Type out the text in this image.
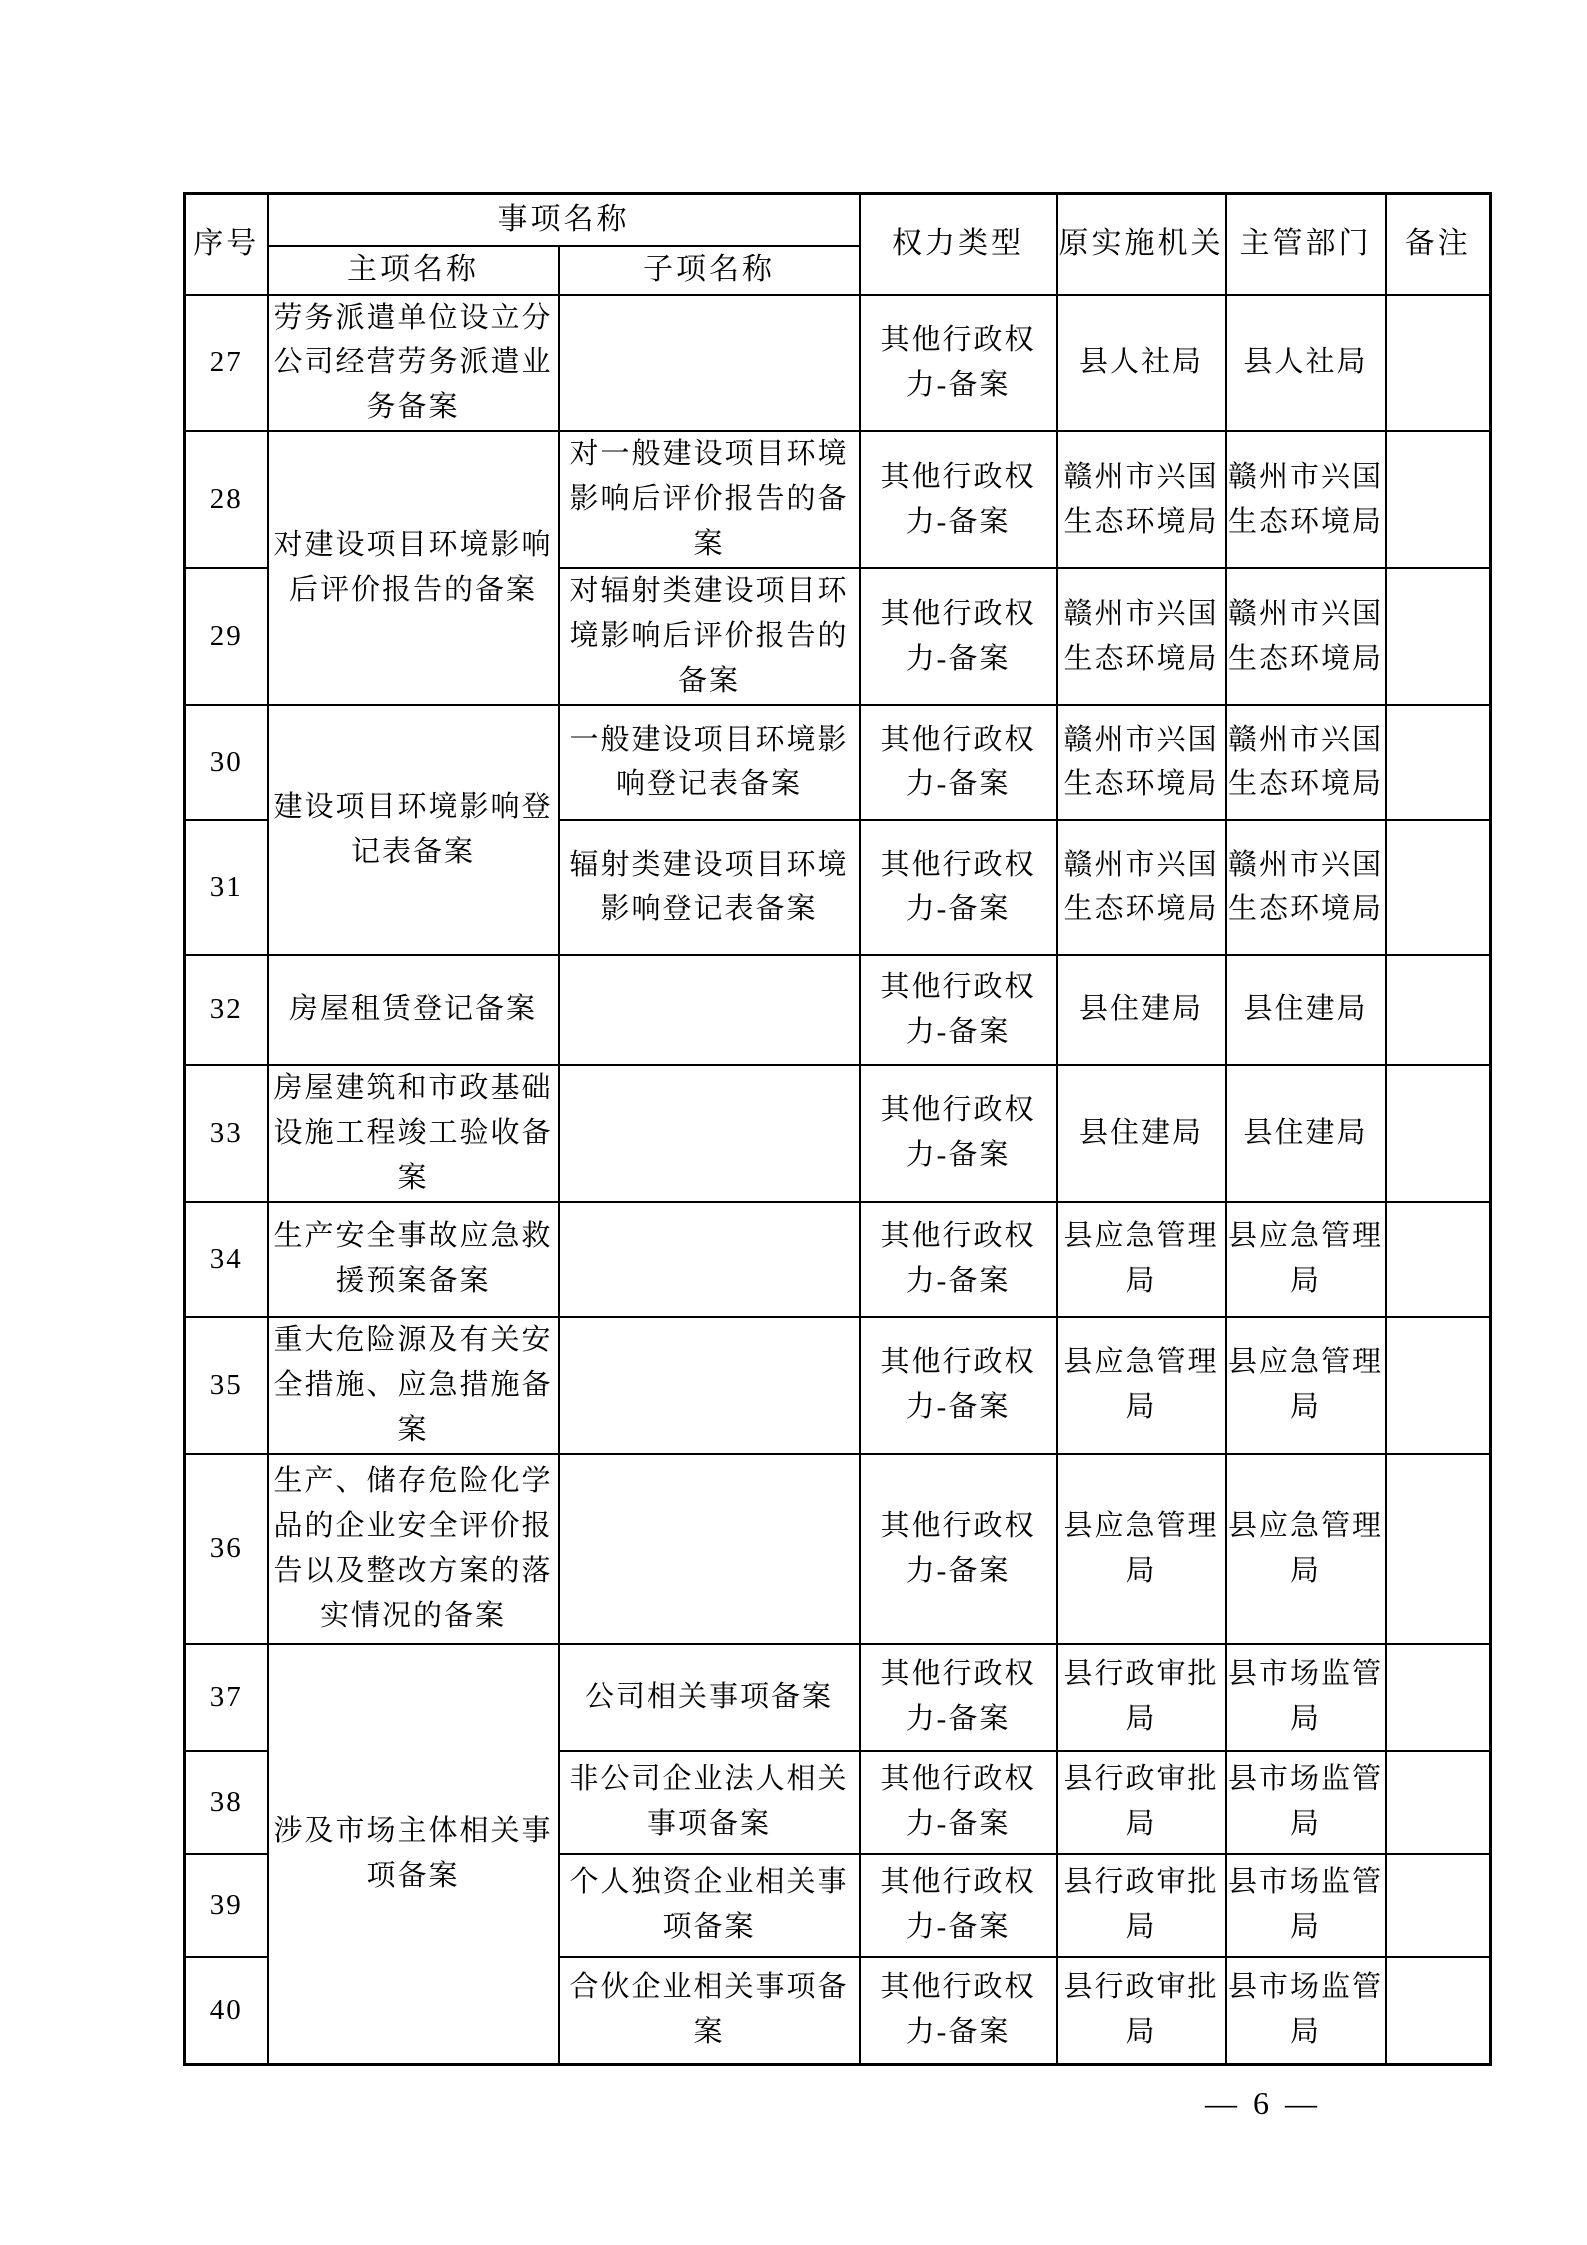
序号	事项名称		权力类型	原实施机关	主管部门	备注
	主项名称	子项名称				
27	劳务派遣单位设立分公司经营劳务派遣业务备案		其他行政权力-备案	县人社局	县人社局	
28	对建设项目环境影响后评价报告的备案	对一般建设项目环境影响后评价报告的备案	其他行政权力-备案	赣州市兴国生态环境局	赣州市兴国生态环境局	
29		对辐射类建设项目环境影响后评价报告的备案	其他行政权力-备案	赣州市兴国生态环境局	赣州市兴国生态环境局	
30	建设项目环境影响登记表备案	一般建设项目环境影响登记表备案	其他行政权力-备案	赣州市兴国生态环境局	赣州市兴国生态环境局	
31		辐射类建设项目环境影响登记表备案	其他行政权力-备案	赣州市兴国生态环境局	赣州市兴国生态环境局	
32	房屋租赁登记备案		其他行政权力-备案	县住建局	县住建局	
33	房屋建筑和市政基础设施工程竣工验收备案		其他行政权力-备案	县住建局	县住建局	
34	生产安全事故应急救援预案备案		其他行政权力-备案	县应急管理局	县应急管理局	
35	重大危险源及有关安全措施、应急措施备案		其他行政权力-备案	县应急管理局	县应急管理局	
36	生产、储存危险化学品的企业安全评价报告以及整改方案的落实情况的备案		其他行政权力-备案	县应急管理局	县应急管理局	
37	涉及市场主体相关事项备案	公司相关事项备案	其他行政权力-备案	县行政审批局	县市场监管局	
38		非公司企业法人相关事项备案	其他行政权力-备案	县行政审批局	县市场监管局	
39		个人独资企业相关事项备案	其他行政权力-备案	县行政审批局	县市场监管局	
40		合伙企业相关事项备案	其他行政权力-备案	县行政审批局	县市场监管局	
— 6 —
